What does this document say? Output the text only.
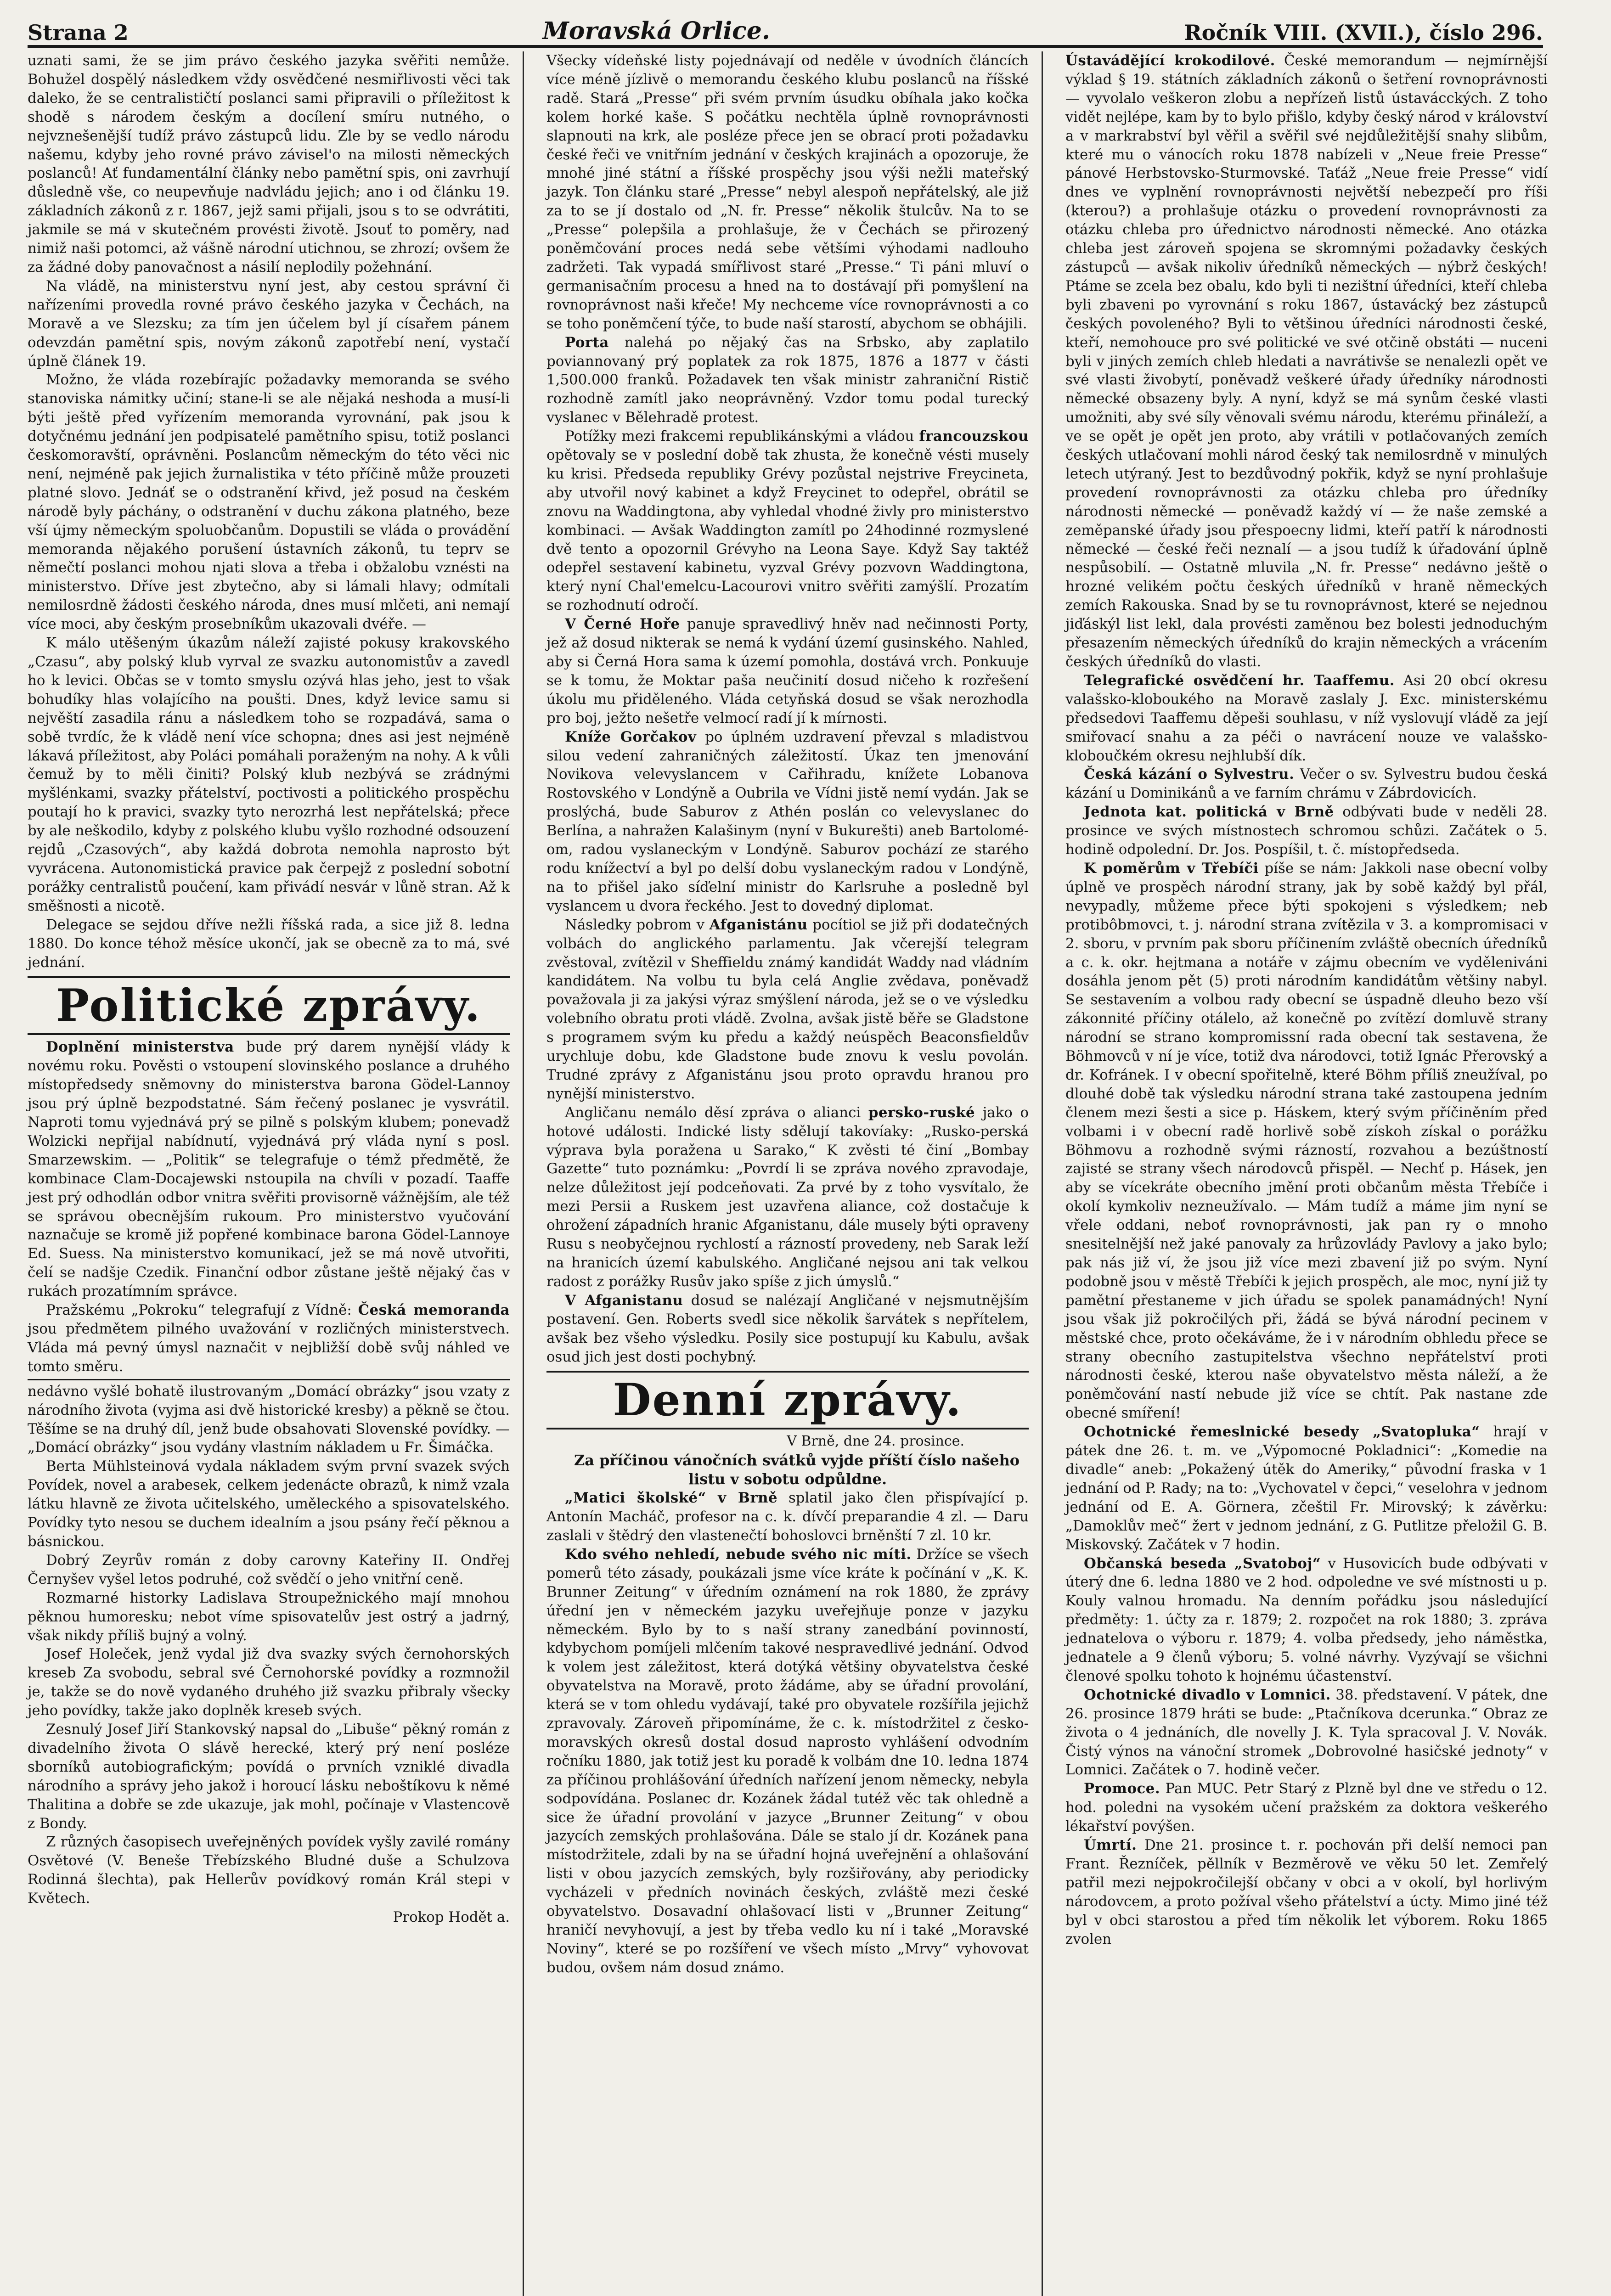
Strana 2	Moravská Orlice.	Ročník VIII. (XVII.), číslo 296.

uznati sami, že se jim právo českého jazyka svěřiti nemůže. Bohužel dospělý následkem vždy osvědčené nesmiřlivosti věci tak daleko, že se centralističtí poslanci sami připravili o příležitost k shodě s národem českým a docílení smíru nutného, o nejvznešenější tudíž právo zástupců lidu. Zle by se vedlo národu našemu, kdyby jeho rovné právo závisel'o na milosti německých poslanců! Ať fundamentální články nebo pamětní spis, oni zavrhují důsledně vše, co neupevňuje nadvládu jejich; ano i od článku 19. základních zákonů z r. 1867, jejž sami přijali, jsou s to se odvrátiti, jakmile se má v skutečném provésti životě. Jsouť to poměry, nad nimiž naši potomci, až vášně národní utichnou, se zhrozí; ovšem že za žádné doby panovačnost a násilí neplodily požehnání.

Na vládě, na ministerstvu nyní jest, aby cestou správní či nařízeními provedla rovné právo českého jazyka v Čechách, na Moravě a ve Slezsku; za tím jen účelem byl jí císařem pánem odevzdán pamětní spis, novým zákonů zapotřebí není, vystačí úplně článek 19.

Možno, že vláda rozebírajíc požadavky memoranda se svého stanoviska námitky učiní; stane-li se ale nějaká neshoda a musí-li býti ještě před vyřízením memoranda vyrovnání, pak jsou k dotyčnému jednání jen podpisatelé pamětního spisu, totiž poslanci českomoravští, oprávněni. Poslancům německým do této věci nic není, nejméně pak jejich žurnalistika v této příčině může prouzeti platné slovo. Jednáť se o odstranění křivd, jež posud na českém národě byly páchány, o odstranění v duchu zákona platného, beze vší újmy německým spoluobčanům. Dopustili se vláda o provádění memoranda nějakého porušení ústavních zákonů, tu teprv se němečtí poslanci mohou njati slova a třeba i obžalobu vznésti na ministerstvo. Dříve jest zbytečno, aby si lámali hlavy; odmítali nemilosrdně žádosti českého národa, dnes musí mlčeti, ani nemají více moci, aby českým prosebníkům ukazovali dvéře. —

K málo utěšeným úkazům náleží zajisté pokusy krakovského „Czasu“, aby polský klub vyrval ze svazku autonomistův a zavedl ho k levici. Občas se v tomto smyslu ozývá hlas jeho, jest to však bohudíky hlas volajícího na poušti. Dnes, když levice samu si nejvěští zasadila ránu a následkem toho se rozpadává, sama o sobě tvrdíc, že k vládě není více schopna; dnes asi jest nejméně lákavá příležitost, aby Poláci pomáhali poraženým na nohy. A k vůli čemuž by to měli činiti? Polský klub nezbývá se zrádnými myšlénkami, svazky přátelství, poctivosti a politického prospěchu poutají ho k pravici, svazky tyto nerozrhá lest nepřátelská; přece by ale neškodilo, kdyby z polského klubu vyšlo rozhodné odsouzení rejdů „Czasových“, aby každá dobrota nemohla naprosto být vyvrácena. Autonomistická pravice pak čerpejž z poslední sobotní porážky centralistů poučení, kam přivádí nesvár v lůně stran. Až k směšnosti a nicotě.

Delegace se sejdou dříve nežli říšská rada, a sice již 8. ledna 1880. Do konce téhož měsíce ukončí, jak se obecně za to má, své jednání.

Politické zprávy.

Doplnění ministerstva bude prý darem nynější vlády k novému roku. Pověsti o vstoupení slovinského poslance a druhého místopředsedy sněmovny do ministerstva barona Gödel-Lannoy jsou prý úplně bezpodstatné. Sám řečený poslanec je vysvrátil. Naproti tomu vyjednává prý se pilně s polským klubem; ponevadž Wolzicki nepřijal nabídnutí, vyjednává prý vláda nyní s posl. Smarzewskim. — „Politik“ se telegrafuje o témž předmětě, že kombinace Clam-Docajewski nstoupila na chvíli v pozadí. Taaffe jest prý odhodlán odbor vnitra svěřiti provisorně vážnějším, ale též se správou obecnějším rukoum. Pro ministerstvo vyučování naznačuje se kromě již popřené kombinace barona Gödel-Lannoye Ed. Suess. Na ministerstvo komunikací, jež se má nově utvořiti, čelí se nadšje Czedik. Finanční odbor zůstane ještě nějaký čas v rukách prozatímním správce.

Pražskému „Pokroku“ telegrafují z Vídně: Česká memoranda jsou předmětem pilného uvažování v rozličných ministerstvech. Vláda má pevný úmysl naznačit v nejbližší době svůj náhled ve tomto směru.

nedávno vyšlé bohatě ilustrovaným „Domácí obrázky“ jsou vzaty z národního života (vyjma asi dvě historické kresby) a pěkně se čtou. Těšíme se na druhý díl, jenž bude obsahovati Slovenské povídky. — „Domácí obrázky“ jsou vydány vlastním nákladem u Fr. Šimáčka.

Berta Mühlsteinová vydala nákladem svým první svazek svých Povídek, novel a arabesek, celkem jedenácte obrazů, k nimž vzala látku hlavně ze života učitelského, uměleckého a spisovatelského. Povídky tyto nesou se duchem idealním a jsou psány řečí pěknou a básnickou.

Dobrý Zeyrův román z doby carovny Kateřiny II. Ondřej Černyšev vyšel letos podruhé, což svědčí o jeho vnitřní ceně.

Rozmarné historky Ladislava Stroupežnického mají mnohou pěknou humoresku; nebot víme spisovatelův jest ostrý a jadrný, však nikdy příliš bujný a volný.

Josef Holeček, jenž vydal již dva svazky svých černohorských kreseb Za svobodu, sebral své Černohorské povídky a rozmnožil je, takže se do nově vydaného druhého již svazku přibraly všecky jeho povídky, takže jako doplněk kreseb svých.

Zesnulý Josef Jiří Stankovský napsal do „Libuše“ pěkný román z divadelního života O slávě herecké, který prý není posléze sborníků autobiografickým; povídá o prvních vzniklé divadla národního a správy jeho jakož i horoucí lásku neboštíkovu k němé Thalitina a dobře se zde ukazuje, jak mohl, počínaje v Vlastencově z Bondy.

Z různých časopisech uveřejněných povídek vyšly zavilé romány Osvětové (V. Beneše Třebízského Bludné duše a Schulzova Rodinná šlechta), pak Hellerův povídkový román Král stepi v Květech.

Prokop Hodět a.

Všecky vídeňské listy pojednávají od neděle v úvodních článcích více méně jízlivě o memorandu českého klubu poslanců na říšské radě. Stará „Presse“ při svém prvním úsudku obíhala jako kočka kolem horké kaše. S počátku nechtěla úplně rovnoprávnosti slapnouti na krk, ale posléze přece jen se obrací proti požadavku české řeči ve vnitřním jednání v českých krajinách a opozoruje, že mnohé jiné státní a říšské prospěchy jsou výši nežli mateřský jazyk. Ton článku staré „Presse“ nebyl alespoň nepřátelský, ale již za to se jí dostalo od „N. fr. Presse“ několik štulcův. Na to se „Presse“ polepšila a prohlašuje, že v Čechách se přirozený poněmčování proces nedá sebe většími výhodami nadlouho zadržeti. Tak vypadá smířlivost staré „Presse.“ Ti páni mluví o germanisačním procesu a hned na to dostávají při pomyšlení na rovnoprávnost naši křeče! My nechceme více rovnoprávnosti a co se toho poněmčení týče, to bude naší starostí, abychom se obhájili.

Porta nalehá po nějaký čas na Srbsko, aby zaplatilo poviannovaný prý poplatek za rok 1875, 1876 a 1877 v části 1,500.000 franků. Požadavek ten však ministr zahraniční Ristič rozhodně zamítl jako neoprávněný. Vzdor tomu podal turecký vyslanec v Bělehradě protest.

Potížky mezi frakcemi republikánskými a vládou francouzskou opětovaly se v poslední době tak zhusta, že konečně vésti musely ku krisi. Předseda republiky Grévy pozůstal nejstrive Freycineta, aby utvořil nový kabinet a když Freycinet to odepřel, obrátil se znovu na Waddingtona, aby vyhledal vhodné živly pro ministerstvo kombinaci. — Avšak Waddington zamítl po 24hodinné rozmyslené dvě tento a opozornil Grévyho na Leona Saye. Když Say taktéž odepřel sestavení kabinetu, vyzval Grévy pozvovn Waddingtona, který nyní Chal'emelcu-Lacourovi vnitro svěřiti zamýšlí. Prozatím se rozhodnutí odročí.

V Černé Hoře panuje spravedlivý hněv nad nečinnosti Porty, jež až dosud nikterak se nemá k vydání území gusinského. Nahled, aby si Černá Hora sama k území pomohla, dostává vrch. Ponkuuje se k tomu, že Moktar paša neučinití dosud ničeho k rozřešení úkolu mu přiděleného. Vláda cetyňská dosud se však nerozhodla pro boj, ježto nešetře velmocí radí jí k mírnosti.

Kníže Gorčakov po úplném uzdravení převzal s mladistvou silou vedení zahraničných záležitostí. Úkaz ten jmenování Novikova velevyslancem v Cařihradu, knížete Lobanova Rostovského v Londýně a Oubrila ve Vídni jistě nemí vydán. Jak se proslýchá, bude Saburov z Athén poslán co velevyslanec do Berlína, a nahražen Kalašinym (nyní v Bukurešti) aneb Bartolomé-om, radou vyslaneckým v Londýně. Saburov pochází ze starého rodu knížectví a byl po delší dobu vyslaneckým radou v Londýně, na to přišel jako síďelní ministr do Karlsruhe a posledně byl vyslancem u dvora řeckého. Jest to dovedný diplomat.

Následky pobrom v Afganistánu pocítiol se již při dodatečných volbách do anglického parlamentu. Jak včerejší telegram zvěstoval, zvítězil v Sheffieldu známý kandidát Waddy nad vládním kandidátem. Na volbu tu byla celá Anglie zvědava, poněvadž považovala ji za jakýsi výraz smýšlení národa, jež se o ve výsledku volebního obratu proti vládě. Zvolna, avšak jistě běře se Gladstone s programem svým ku předu a každý neúspěch Beaconsfieldův urychluje dobu, kde Gladstone bude znovu k veslu povolán. Trudné zprávy z Afganistánu jsou proto opravdu hranou pro nynější ministerstvo.

Angličanu nemálo děsí zpráva o alianci persko-ruské jako o hotové události. Indické listy sdělují takovíaky: „Rusko-perská výprava byla poražena u Sarako,“ K zvěsti té činí „Bombay Gazette“ tuto poznámku: „Povrdí li se zpráva nového zpravodaje, nelze důležitost její podceňovati. Za prvé by z toho vysvítalo, že mezi Persii a Ruskem jest uzavřena aliance, což dostačuje k ohrožení západních hranic Afganistanu, dále musely býti opraveny Rusu s neobyčejnou rychlostí a rázností provedeny, neb Sarak leží na hranicích území kabulského. Angličané nejsou ani tak velkou radost z porážky Rusův jako spíše z jich úmyslů.“

V Afganistanu dosud se nalézají Angličané v nejsmutnějším postavení. Gen. Roberts svedl sice několik šarvátek s nepřítelem, avšak bez všeho výsledku. Posily sice postupují ku Kabulu, avšak osud jich jest dosti pochybný.

Denní zprávy.
V Brně, dne 24. prosince.

Za příčinou vánočních svátků vyjde příští číslo našeho listu v sobotu odpůldne.

„Matici školské“ v Brně splatil jako člen přispívající p. Antonín Macháč, profesor na c. k. dívčí preparandie 4 zl. — Daru zaslali v štědrý den vlastenečtí bohoslovci brněnští 7 zl. 10 kr.

Kdo svého nehledí, nebude svého nic míti. Držíce se všech pomerů této zásady, poukázali jsme více kráte k počínání v „K. K. Brunner Zeitung“ v úředním oznámení na rok 1880, že zprávy úřední jen v německém jazyku uveřejňuje ponze v jazyku německém. Bylo by to s naší strany zanedbání povinností, kdybychom pomíjeli mlčením takové nespravedlivé jednání. Odvod k volem jest záležitost, která dotýká většiny obyvatelstva české obyvatelstva na Moravě, proto žádáme, aby se úřadní provolání, která se v tom ohledu vydávají, také pro obyvatele rozšířila jejichž zpravovaly. Zároveň připomínáme, že c. k. místodržitel z česko-moravských okresů dostal dosud naprosto vyhlášení odvodním ročníku 1880, jak totiž jest ku poradě k volbám dne 10. ledna 1874 za příčinou prohlášování úředních nařízení jenom německy, nebyla sodpovídána. Poslanec dr. Kozánek žádal tutéž věc tak ohledně a sice že úřadní provolání v jazyce „Brunner Zeitung“ v obou jazycích zemských prohlašována. Dále se stalo jí dr. Kozánek pana místodržitele, zdali by na se úřadní hojná uveřejnění a ohlašování listi v obou jazycích zemských, byly rozšiřovány, aby periodicky vycházeli v předních novinách českých, zvláště mezi české obyvatelstvo. Dosavadní ohlašovací listi v „Brunner Zeitung“ hraničí nevyhovují, a jest by třeba vedlo ku ní i také „Moravské Noviny“, které se po rozšíření ve všech místo „Mrvy“ vyhovovat budou, ovšem nám dosud známo.

Ústavádějící krokodilové. České memorandum — nejmírnější výklad § 19. státních základních zákonů o šetření rovnoprávnosti — vyvolalo veškeron zlobu a nepřízeň listů ústavácckých. Z toho vidět nejlépe, kam by to bylo přišlo, kdyby český národ v království a v markrabství byl věřil a svěřil své nejdůležitější snahy slibům, které mu o vánocích roku 1878 nabízeli v „Neue freie Presse“ pánové Herbstovsko-Sturmovské. Taťáž „Neue freie Presse“ vidí dnes ve vyplnění rovnoprávnosti největší nebezpečí pro říši (kterou?) a prohlašuje otázku o provedení rovnoprávnosti za otázku chleba pro úřednictvo národnosti německé. Ano otázka chleba jest zároveň spojena se skromnými požadavky českých zástupců — avšak nikoliv úředníků německých — nýbrž českých! Ptáme se zcela bez obalu, kdo byli ti nezištní úředníci, kteří chleba byli zbaveni po vyrovnání s roku 1867, ústavácký bez zástupců českých povoleného? Byli to většinou úředníci národnosti české, kteří, nemohouce pro své politické ve své otčině obstáti — nuceni byli v jiných zemích chleb hledati a navrátivše se nenalezli opět ve své vlasti živobytí, poněvadž veškeré úřady úředníky národnosti německé obsazeny byly. A nyní, když se má synům české vlasti umožniti, aby své síly věnovali svému národu, kterému přináleží, a ve se opět je opět jen proto, aby vrátili v potlačovaných zemích českých utlačovaní mohli národ český tak nemilosrdně v minulých letech utýraný. Jest to bezdůvodný pokřik, když se nyní prohlašuje provedení rovnoprávnosti za otázku chleba pro úředníky národnosti německé — poněvadž každý ví — že naše zemské a zeměpanské úřady jsou přespoecny lidmi, kteří patří k národnosti německé — české řeči neznalí — a jsou tudíž k úřadování úplně nespůsobilí. — Ostatně mluvila „N. fr. Presse“ nedávno ještě o hrozné velikém počtu českých úředníků v hraně německých zemích Rakouska. Snad by se tu rovnoprávnost, které se nejednou jiďáskýl list lekl, dala provésti zaměnou bez bolesti jednoduchým přesazením německých úředníků do krajin německých a vrácením českých úředníků do vlasti.

Telegrafické osvědčení hr. Taaffemu. Asi 20 obcí okresu valašsko-kloboukého na Moravě zaslaly J. Exc. ministerskému předsedovi Taaffemu děpeši souhlasu, v níž vyslovují vládě za její smiřovací snahu a za péči o navrácení nouze ve valašsko-kloboučkém okresu nejhlubší dík.

Česká kázání o Sylvestru. Večer o sv. Sylvestru budou česká kázání u Dominikánů a ve farním chrámu v Zábrdovicích.

Jednota kat. politická v Brně odbývati bude v neděli 28. prosince ve svých místnostech schromou schůzi. Začátek o 5. hodině odpolední. Dr. Jos. Pospíšil, t. č. místopředseda.

K poměrům v Třebíči píše se nám: Jakkoli nase obecní volby úplně ve prospěch národní strany, jak by sobě každý byl přál, nevypadly, můžeme přece býti spokojeni s výsledkem; neb protibôbmovci, t. j. národní strana zvítězila v 3. a kompromisaci v 2. sboru, v prvním pak sboru příčinením zvláště obecních úředníků a c. k. okr. hejtmana a notáře v zájmu obecním ve vyděleniváni dosáhla jenom pět (5) proti národním kandidátům většiny nabyl. Se sestavením a volbou rady obecní se úspadně dleuho bezo vší zákonnité příčiny otálelo, až konečně po zvítězí domluvě strany národní se strano kompromissní rada obecní tak sestavena, že Böhmovců v ní je více, totiž dva národovci, totiž Ignác Přerovský a dr. Kofránek. I v obecní spořitelně, které Böhm příliš zneužíval, po dlouhé době tak výsledku národní strana také zastoupena jedním členem mezi šesti a sice p. Háskem, který svým příčiněním před volbami i v obecní radě horlivě sobě získoh získal o porážku Böhmovu a rozhodně svými rázností, rozvahou a bezúštností zajisté se strany všech národovců přispěl. — Nechť p. Hásek, jen aby se vícekráte obecního jmění proti občanům města Třebíče i okolí kymkoliv nezneužívalo. — Mám tudíž a máme jim nyní se vřele oddani, neboť rovnoprávnosti, jak pan ry o mnoho snesitelnější než jaké panovaly za hrůzovlády Pavlovy a jako bylo; pak nás již ví, že jsou již více mezi zbavení již po svým. Nyní podobně jsou v městě Třebíči k jejich prospěch, ale moc, nyní již ty pamětní přestaneme v jich úřadu se spolek panamádných! Nyní jsou však již pokročilých při, žádá se bývá národní pecinem v městské chce, proto očekáváme, že i v národním obhledu přece se strany obecního zastupitelstva všechno nepřátelství proti národnosti české, kterou naše obyvatelstvo města náleží, a že poněmčování nastí nebude již více se chtít. Pak nastane zde obecné smíření!

Ochotnické řemeslnické besedy „Svatopluka“ hrají v pátek dne 26. t. m. ve „Výpomocné Pokladnici“: „Komedie na divadle“ aneb: „Pokažený útěk do Ameriky,“ původní fraska v 1 jednání od P. Rady; na to: „Vychovatel v čepci,“ veselohra v jednom jednání od E. A. Görnera, zčeštil Fr. Mirovský; k závěrku: „Damoklův meč“ žert v jednom jednání, z G. Putlitze přeložil G. B. Miskovský. Začátek v 7 hodin.

Občanská beseda „Svatoboj“ v Husovicích bude odbývati v úterý dne 6. ledna 1880 ve 2 hod. odpoledne ve své místnosti u p. Kouly valnou hromadu. Na denním pořádku jsou následující předměty: 1. účty za r. 1879; 2. rozpočet na rok 1880; 3. zpráva jednatelova o výboru r. 1879; 4. volba předsedy, jeho náměstka, jednatele a 9 členů výboru; 5. volné návrhy. Vyzývají se všichni členové spolku tohoto k hojnému účastenství.

Ochotnické divadlo v Lomnici. 38. představení. V pátek, dne 26. prosince 1879 hráti se bude: „Ptačníkova dcerunka.“ Obraz ze života o 4 jednáních, dle novelly J. K. Tyla spracoval J. V. Novák. Čistý výnos na vánoční stromek „Dobrovolné hasičské jednoty“ v Lomnici. Začátek o 7. hodině večer.

Promoce. Pan MUC. Petr Starý z Plzně byl dne ve středu o 12. hod. poledni na vysokém učení pražském za doktora veškerého lékařství povýšen.

Úmrtí. Dne 21. prosince t. r. pochován při delší nemoci pan Frant. Řezníček, pěllník v Bezměrově ve věku 50 let. Zemřelý patřil mezi nejpokročilejší občany v obci a v okolí, byl horlivým národovcem, a proto požíval všeho přátelství a úcty. Mimo jiné též byl v obci starostou a před tím několik let výborem. Roku 1865 zvolen
